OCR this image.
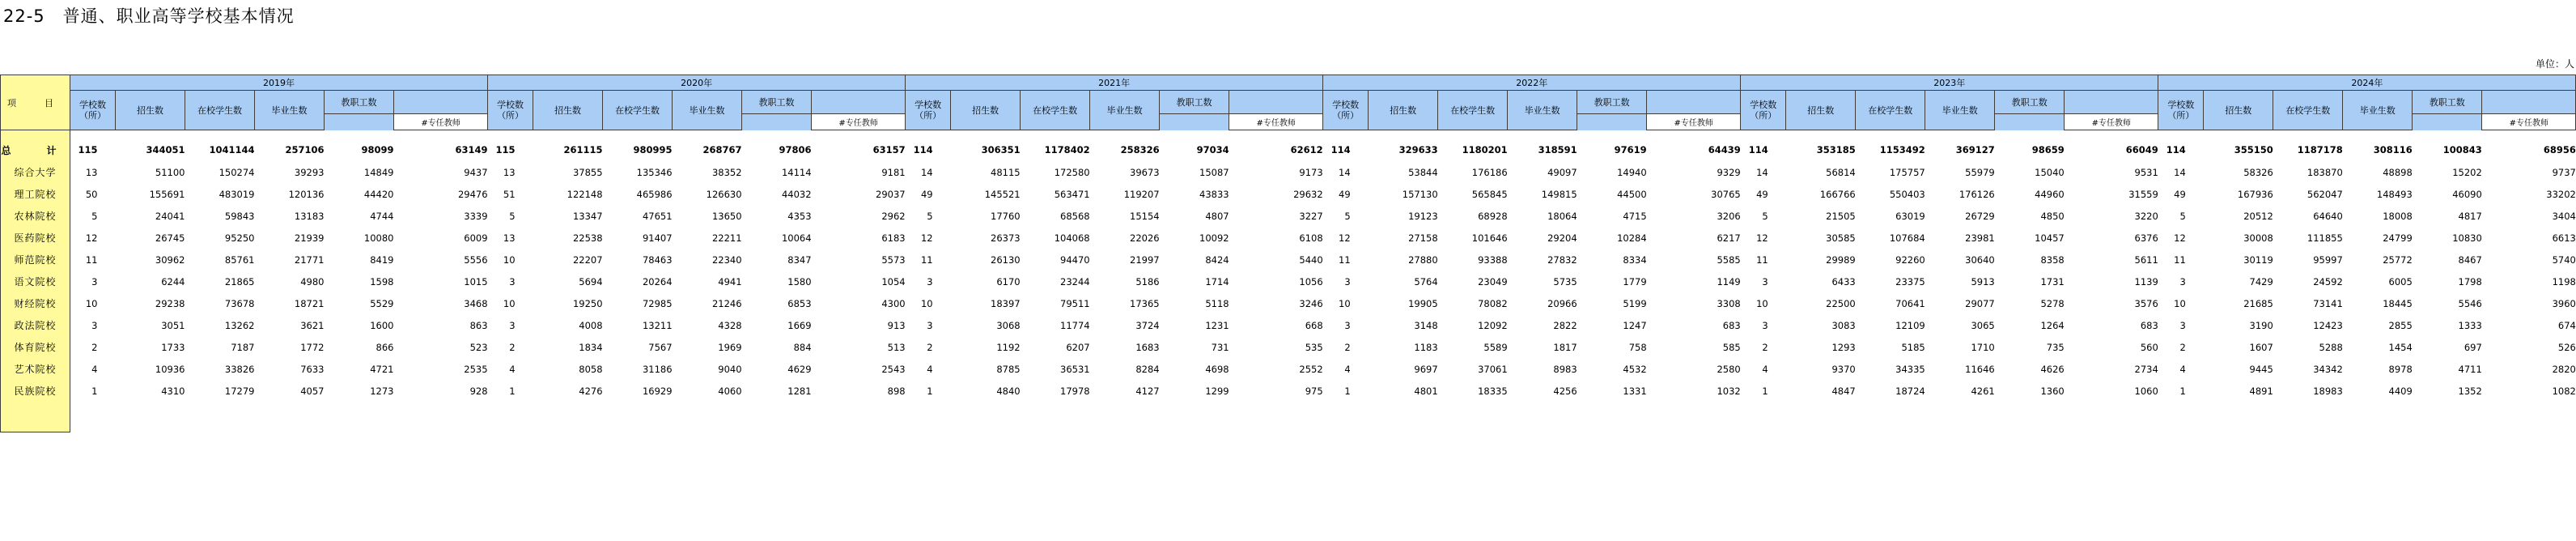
22-5　普通、职业高等学校基本情况
单位：人
项　目	2019年						2020年						2021年						2022年						2023年						2024年					
	学校数（所）	招生数	在校学生数	毕业生数	教职工数		学校数（所）	招生数	在校学生数	毕业生数	教职工数		学校数（所）	招生数	在校学生数	毕业生数	教职工数		学校数（所）	招生数	在校学生数	毕业生数	教职工数		学校数（所）	招生数	在校学生数	毕业生数	教职工数		学校数（所）	招生数	在校学生数	毕业生数	教职工数	
						#专任教师						#专任教师						#专任教师						#专任教师						#专任教师						#专任教师

总　计	115	344051	1041144	257106	98099	63149	115	261115	980995	268767	97806	63157	114	306351	1178402	258326	97034	62612	114	329633	1180201	318591	97619	64439	114	353185	1153492	369127	98659	66049	114	355150	1187178	308116	100843	68956
综合大学	13	51100	150274	39293	14849	9437	13	37855	135346	38352	14114	9181	14	48115	172580	39673	15087	9173	14	53844	176186	49097	14940	9329	14	56814	175757	55979	15040	9531	14	58326	183870	48898	15202	9737
理工院校	50	155691	483019	120136	44420	29476	51	122148	465986	126630	44032	29037	49	145521	563471	119207	43833	29632	49	157130	565845	149815	44500	30765	49	166766	550403	176126	44960	31559	49	167936	562047	148493	46090	33202
农林院校	5	24041	59843	13183	4744	3339	5	13347	47651	13650	4353	2962	5	17760	68568	15154	4807	3227	5	19123	68928	18064	4715	3206	5	21505	63019	26729	4850	3220	5	20512	64640	18008	4817	3404
医药院校	12	26745	95250	21939	10080	6009	13	22538	91407	22211	10064	6183	12	26373	104068	22026	10092	6108	12	27158	101646	29204	10284	6217	12	30585	107684	23981	10457	6376	12	30008	111855	24799	10830	6613
师范院校	11	30962	85761	21771	8419	5556	10	22207	78463	22340	8347	5573	11	26130	94470	21997	8424	5440	11	27880	93388	27832	8334	5585	11	29989	92260	30640	8358	5611	11	30119	95997	25772	8467	5740
语文院校	3	6244	21865	4980	1598	1015	3	5694	20264	4941	1580	1054	3	6170	23244	5186	1714	1056	3	5764	23049	5735	1779	1149	3	6433	23375	5913	1731	1139	3	7429	24592	6005	1798	1198
财经院校	10	29238	73678	18721	5529	3468	10	19250	72985	21246	6853	4300	10	18397	79511	17365	5118	3246	10	19905	78082	20966	5199	3308	10	22500	70641	29077	5278	3576	10	21685	73141	18445	5546	3960
政法院校	3	3051	13262	3621	1600	863	3	4008	13211	4328	1669	913	3	3068	11774	3724	1231	668	3	3148	12092	2822	1247	683	3	3083	12109	3065	1264	683	3	3190	12423	2855	1333	674
体育院校	2	1733	7187	1772	866	523	2	1834	7567	1969	884	513	2	1192	6207	1683	731	535	2	1183	5589	1817	758	585	2	1293	5185	1710	735	560	2	1607	5288	1454	697	526
艺术院校	4	10936	33826	7633	4721	2535	4	8058	31186	9040	4629	2543	4	8785	36531	8284	4698	2552	4	9697	37061	8983	4532	2580	4	9370	34335	11646	4626	2734	4	9445	34342	8978	4711	2820
民族院校	1	4310	17279	4057	1273	928	1	4276	16929	4060	1281	898	1	4840	17978	4127	1299	975	1	4801	18335	4256	1331	1032	1	4847	18724	4261	1360	1060	1	4891	18983	4409	1352	1082
